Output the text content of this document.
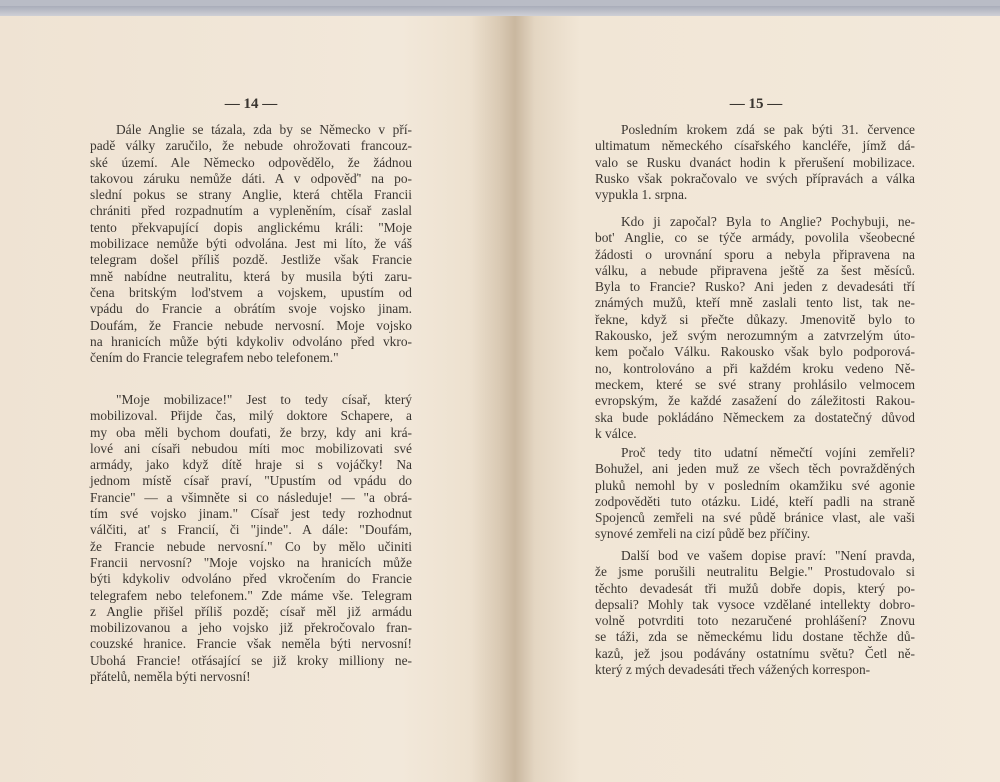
— 14 —
Dále Anglie se tázala, zda by se Německo v pří-
padě války zaručilo, že nebude ohrožovati francouz-
ské území. Ale Německo odpovědělo, že žádnou
takovou záruku nemůže dáti. A v odpověď' na po-
slední pokus se strany Anglie, která chtěla Francii
chrániti před rozpadnutím a vypleněním, císař zaslal
tento překvapující dopis anglickému králi: "Moje
mobilizace nemůže býti odvolána. Jest mi líto, že váš
telegram došel příliš pozdě. Jestliže však Francie
mně nabídne neutralitu, která by musila býti zaru-
čena britským lod'stvem a vojskem, upustím od
vpádu do Francie a obrátím svoje vojsko jinam.
Doufám, že Francie nebude nervosní. Moje vojsko
na hranicích může býti kdykoliv odvoláno před vkro-
čením do Francie telegrafem nebo telefonem."
"Moje mobilizace!" Jest to tedy císař, který
mobilizoval. Přijde čas, milý doktore Schapere, a
my oba měli bychom doufati, že brzy, kdy ani krá-
lové ani císaři nebudou míti moc mobilizovati své
armády, jako když dítě hraje si s vojáčky! Na
jednom místě císař praví, "Upustím od vpádu do
Francie" — a všimněte si co následuje! — "a obrá-
tím své vojsko jinam." Císař jest tedy rozhodnut
válčiti, at' s Francií, či "jinde". A dále: "Doufám,
že Francie nebude nervosní." Co by mělo učiniti
Francii nervosní? "Moje vojsko na hranicích může
býti kdykoliv odvoláno před vkročením do Francie
telegrafem nebo telefonem." Zde máme vše. Telegram
z Anglie přišel příliš pozdě; císař měl již armádu
mobilizovanou a jeho vojsko již překročovalo fran-
couzské hranice. Francie však neměla býti nervosní!
Ubohá Francie! otřásající se již kroky milliony ne-
přátelů, neměla býti nervosní!
— 15 —
Posledním krokem zdá se pak býti 31. července
ultimatum německého císařského kancléře, jímž dá-
valo se Rusku dvanáct hodin k přerušení mobilizace.
Rusko však pokračovalo ve svých přípravách a válka
vypukla 1. srpna.
Kdo ji započal? Byla to Anglie? Pochybuji, ne-
bot' Anglie, co se týče armády, povolila všeobecné
žádosti o urovnání sporu a nebyla připravena na
válku, a nebude připravena ještě za šest měsíců.
Byla to Francie? Rusko? Ani jeden z devadesáti tří
známých mužů, kteří mně zaslali tento list, tak ne-
řekne, když si přečte důkazy. Jmenovitě bylo to
Rakousko, jež svým nerozumným a zatvrzelým úto-
kem počalo Válku. Rakousko však bylo podporová-
no, kontrolováno a při každém kroku vedeno Ně-
meckem, které se své strany prohlásilo velmocem
evropským, že každé zasažení do záležitosti Rakou-
ska bude pokládáno Německem za dostatečný důvod
k válce.
Proč tedy tito udatní němečtí vojíni zemřeli?
Bohužel, ani jeden muž ze všech těch povražděných
pluků nemohl by v posledním okamžiku své agonie
zodpověděti tuto otázku. Lidé, kteří padli na straně
Spojenců zemřeli na své půdě bránice vlast, ale vaši
synové zemřeli na cizí půdě bez příčiny.
Další bod ve vašem dopise praví: "Není pravda,
že jsme porušili neutralitu Belgie." Prostudovalo si
těchto devadesát tři mužů dobře dopis, který po-
depsali? Mohly tak vysoce vzdělané intellekty dobro-
volně potvrditi toto nezaručené prohlášení? Znovu
se táži, zda se německému lidu dostane těchže dů-
kazů, jež jsou podávány ostatnímu světu? Četl ně-
který z mých devadesáti třech vážených korrespon-
